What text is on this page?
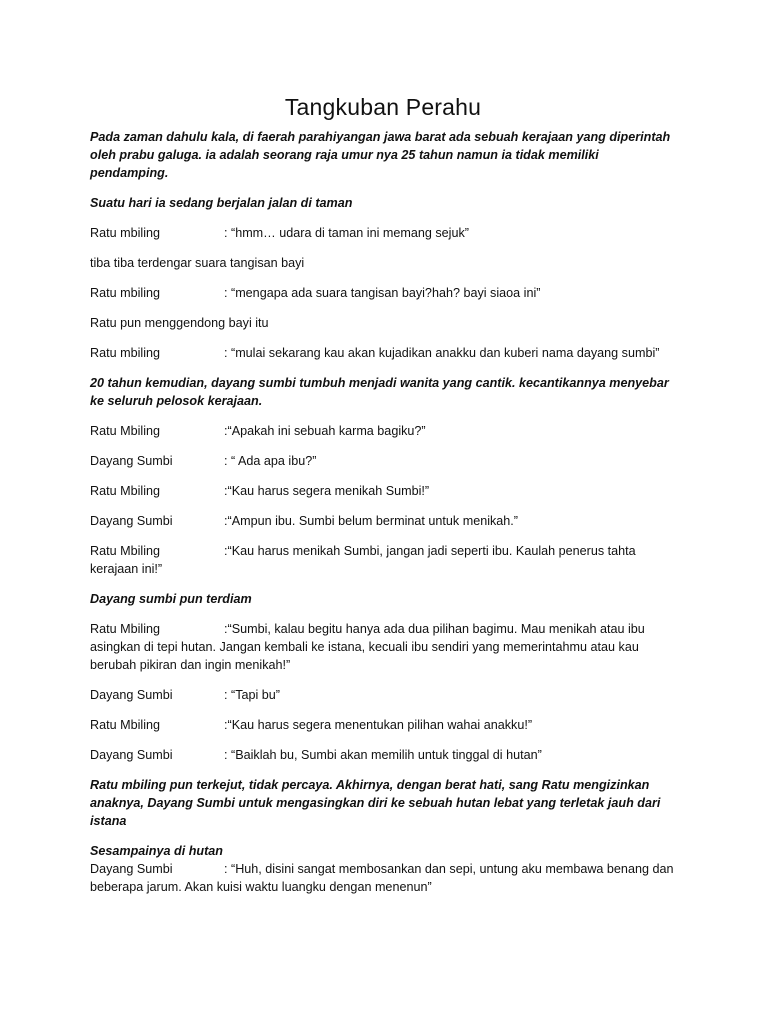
Tangkuban Perahu

Pada zaman dahulu kala, di faerah parahiyangan jawa barat ada sebuah kerajaan yang diperintah oleh prabu galuga. ia adalah seorang raja umur nya 25 tahun namun ia tidak memiliki pendamping.

Suatu hari ia sedang berjalan jalan di taman

Ratu mbiling	: “hmm… udara di taman ini memang sejuk”

tiba tiba terdengar suara tangisan bayi

Ratu mbiling	: “mengapa ada suara tangisan bayi?hah? bayi siaoa ini”

Ratu pun menggendong bayi itu

Ratu mbiling	: “mulai sekarang kau akan kujadikan anakku dan kuberi nama dayang sumbi”

20 tahun kemudian, dayang sumbi tumbuh menjadi wanita yang cantik. kecantikannya menyebar ke seluruh pelosok kerajaan.

Ratu Mbiling	:“Apakah ini sebuah karma bagiku?”

Dayang Sumbi	: “ Ada apa ibu?”

Ratu Mbiling	:“Kau harus segera menikah Sumbi!”

Dayang Sumbi	:“Ampun ibu. Sumbi belum berminat untuk menikah.”

Ratu Mbiling	:“Kau harus menikah Sumbi, jangan jadi seperti ibu. Kaulah penerus tahta kerajaan ini!”

Dayang sumbi pun terdiam

Ratu Mbiling	:“Sumbi, kalau begitu hanya ada dua pilihan bagimu. Mau menikah atau ibu asingkan di tepi hutan. Jangan kembali ke istana, kecuali ibu sendiri yang memerintahmu atau kau berubah pikiran dan ingin menikah!”

Dayang Sumbi	: “Tapi bu”

Ratu Mbiling	:“Kau harus segera menentukan pilihan wahai anakku!”

Dayang Sumbi	: “Baiklah bu, Sumbi akan memilih untuk tinggal di hutan”

Ratu mbiling pun terkejut, tidak percaya. Akhirnya, dengan berat hati, sang Ratu mengizinkan anaknya, Dayang Sumbi untuk mengasingkan diri ke sebuah hutan lebat yang terletak jauh dari istana

Sesampainya di hutan

Dayang Sumbi	: “Huh, disini sangat membosankan dan sepi, untung aku membawa benang dan beberapa jarum. Akan kuisi waktu luangku dengan menenun”
